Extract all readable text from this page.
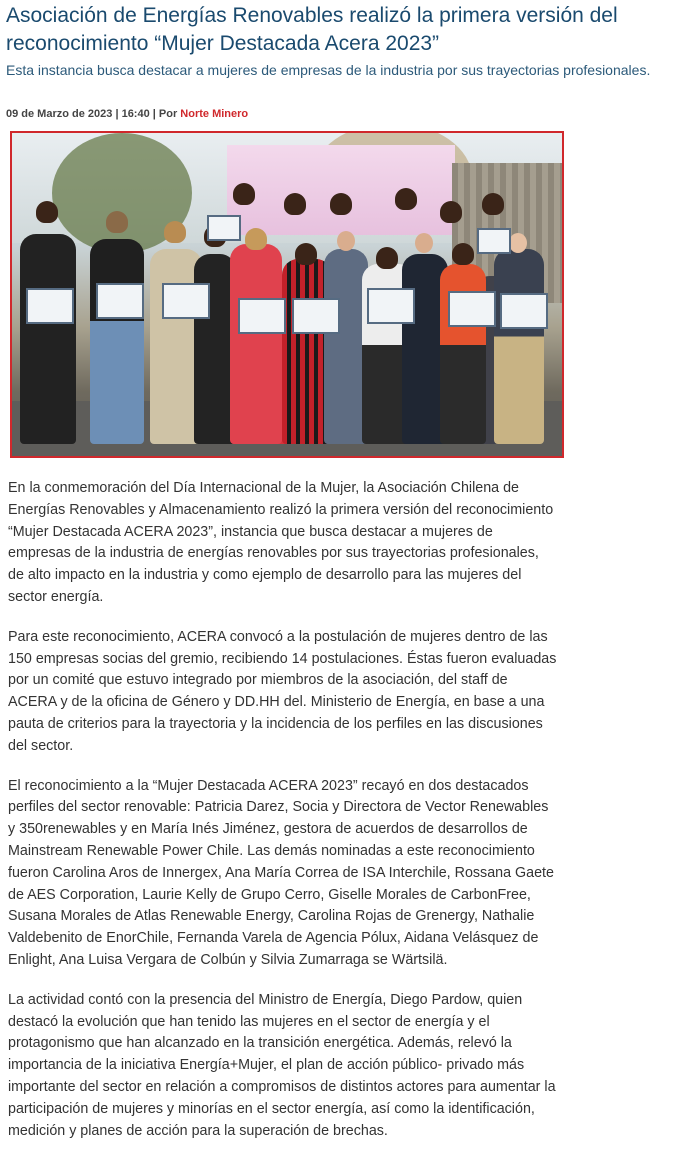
Asociación de Energías Renovables realizó la primera versión del reconocimiento “Mujer Destacada Acera 2023”
Esta instancia busca destacar a mujeres de empresas de la industria por sus trayectorias profesionales.
09 de Marzo de 2023 | 16:40 | Por Norte Minero

En la conmemoración del Día Internacional de la Mujer, la Asociación Chilena de Energías Renovables y Almacenamiento realizó la primera versión del reconocimiento “Mujer Destacada ACERA 2023”, instancia que busca destacar a mujeres de empresas de la industria de energías renovables por sus trayectorias profesionales, de alto impacto en la industria y como ejemplo de desarrollo para las mujeres del sector energía.

Para este reconocimiento, ACERA convocó a la postulación de mujeres dentro de las 150 empresas socias del gremio, recibiendo 14 postulaciones. Éstas fueron evaluadas por un comité que estuvo integrado por miembros de la asociación, del staff de ACERA y de la oficina de Género y DD.HH del. Ministerio de Energía, en base a una pauta de criterios para la trayectoria y la incidencia de los perfiles en las discusiones del sector.

El reconocimiento a la “Mujer Destacada ACERA 2023” recayó en dos destacados perfiles del sector renovable: Patricia Darez, Socia y Directora de Vector Renewables y 350renewables y en María Inés Jiménez, gestora de acuerdos de desarrollos de Mainstream Renewable Power Chile. Las demás nominadas a este reconocimiento fueron Carolina Aros de Innergex, Ana María Correa de ISA Interchile, Rossana Gaete de AES Corporation, Laurie Kelly de Grupo Cerro, Giselle Morales de CarbonFree, Susana Morales de Atlas Renewable Energy, Carolina Rojas de Grenergy, Nathalie Valdebenito de EnorChile, Fernanda Varela de Agencia Pólux, Aidana Velásquez de Enlight, Ana Luisa Vergara de Colbún y Silvia Zumarraga se Wärtsilä.

La actividad contó con la presencia del Ministro de Energía, Diego Pardow, quien destacó la evolución que han tenido las mujeres en el sector de energía y el protagonismo que han alcanzado en la transición energética. Además, relevó la importancia de la iniciativa Energía+Mujer, el plan de acción público- privado más importante del sector en relación a compromisos de distintos actores para aumentar la participación de mujeres y minorías en el sector energía, así como la identificación, medición y planes de acción para la superación de brechas.
